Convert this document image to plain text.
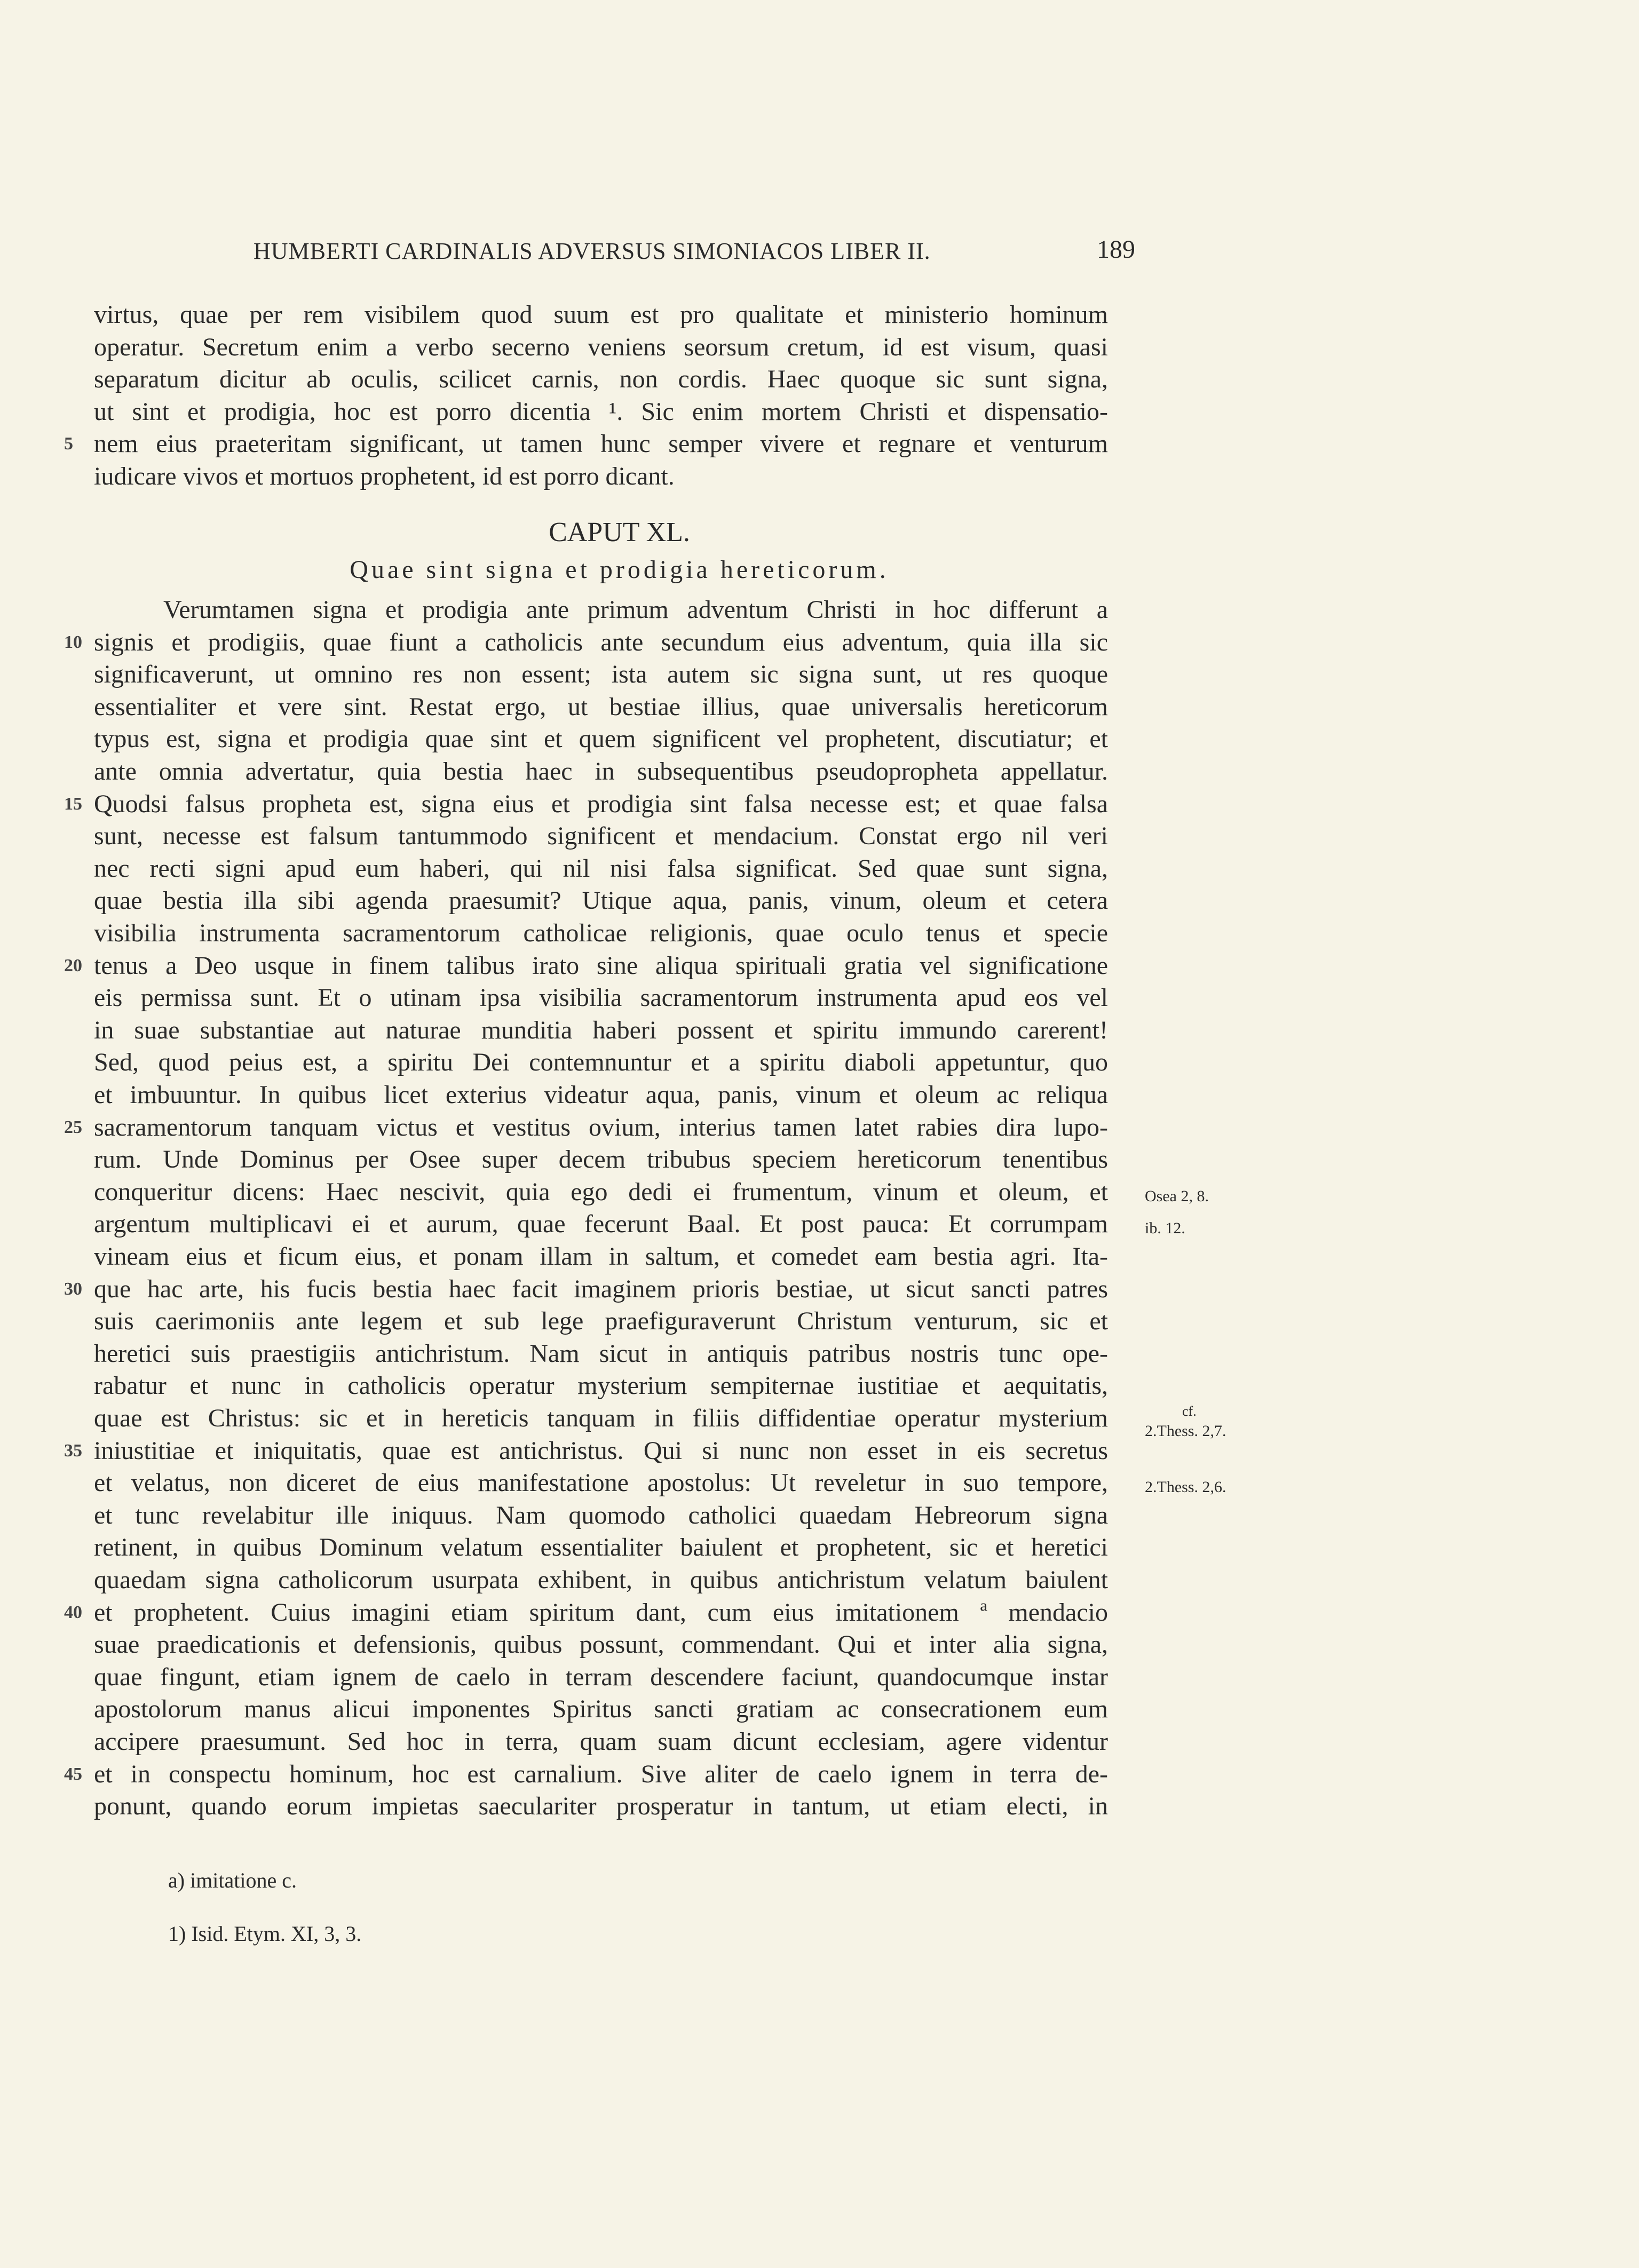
HUMBERTI CARDINALIS ADVERSUS SIMONIACOS LIBER II.	189
virtus, quae per rem visibilem quod suum est pro qualitate et ministerio hominum
operatur. Secretum enim a verbo secerno veniens seorsum cretum, id est visum, quasi
separatum dicitur ab oculis, scilicet carnis, non cordis. Haec quoque sic sunt signa,
ut sint et prodigia, hoc est porro dicentia ¹. Sic enim mortem Christi et dispensatio-
5 nem eius praeteritam significant, ut tamen hunc semper vivere et regnare et venturum
iudicare vivos et mortuos prophetent, id est porro dicant.
CAPUT XL.
Quae sint signa et prodigia hereticorum.
Verumtamen signa et prodigia ante primum adventum Christi in hoc differunt a
10 signis et prodigiis, quae fiunt a catholicis ante secundum eius adventum, quia illa sic
significaverunt, ut omnino res non essent; ista autem sic signa sunt, ut res quoque
essentialiter et vere sint. Restat ergo, ut bestiae illius, quae universalis hereticorum
typus est, signa et prodigia quae sint et quem significent vel prophetent, discutiatur; et
ante omnia advertatur, quia bestia haec in subsequentibus pseudopropheta appellatur.
15 Quodsi falsus propheta est, signa eius et prodigia sint falsa necesse est; et quae falsa
sunt, necesse est falsum tantummodo significent et mendacium. Constat ergo nil veri
nec recti signi apud eum haberi, qui nil nisi falsa significat. Sed quae sunt signa,
quae bestia illa sibi agenda praesumit? Utique aqua, panis, vinum, oleum et cetera
visibilia instrumenta sacramentorum catholicae religionis, quae oculo tenus et specie
20 tenus a Deo usque in finem talibus irato sine aliqua spirituali gratia vel significatione
eis permissa sunt. Et o utinam ipsa visibilia sacramentorum instrumenta apud eos vel
in suae substantiae aut naturae munditia haberi possent et spiritu immundo carerent!
Sed, quod peius est, a spiritu Dei contemnuntur et a spiritu diaboli appetuntur, quo
et imbuuntur. In quibus licet exterius videatur aqua, panis, vinum et oleum ac reliqua
25 sacramentorum tanquam victus et vestitus ovium, interius tamen latet rabies dira lupo-
rum. Unde Dominus per Osee super decem tribubus speciem hereticorum tenentibus
conqueritur dicens: Haec nescivit, quia ego dedi ei frumentum, vinum et oleum, et
argentum multiplicavi ei et aurum, quae fecerunt Baal. Et post pauca: Et corrumpam
vineam eius et ficum eius, et ponam illam in saltum, et comedet eam bestia agri. Ita-
30 que hac arte, his fucis bestia haec facit imaginem prioris bestiae, ut sicut sancti patres
suis caerimoniis ante legem et sub lege praefiguraverunt Christum venturum, sic et
heretici suis praestigiis antichristum. Nam sicut in antiquis patribus nostris tunc ope-
rabatur et nunc in catholicis operatur mysterium sempiternae iustitiae et aequitatis,
quae est Christus: sic et in hereticis tanquam in filiis diffidentiae operatur mysterium
35 iniustitiae et iniquitatis, quae est antichristus. Qui si nunc non esset in eis secretus
et velatus, non diceret de eius manifestatione apostolus: Ut reveletur in suo tempore,
et tunc revelabitur ille iniquus. Nam quomodo catholici quaedam Hebreorum signa
retinent, in quibus Dominum velatum essentialiter baiulent et prophetent, sic et heretici
quaedam signa catholicorum usurpata exhibent, in quibus antichristum velatum baiulent
40 et prophetent. Cuius imagini etiam spiritum dant, cum eius imitationem ª mendacio
suae praedicationis et defensionis, quibus possunt, commendant. Qui et inter alia signa,
quae fingunt, etiam ignem de caelo in terram descendere faciunt, quandocumque instar
apostolorum manus alicui imponentes Spiritus sancti gratiam ac consecrationem eum
accipere praesumunt. Sed hoc in terra, quam suam dicunt ecclesiam, agere videntur
45 et in conspectu hominum, hoc est carnalium. Sive aliter de caelo ignem in terra de-
ponunt, quando eorum impietas saeculariter prosperatur in tantum, ut etiam electi, in
Osea 2, 8.
ib. 12.
cf.
2.Thess. 2,7.
2.Thess. 2,6.
a) imitatione c.
1) Isid. Etym. XI, 3, 3.
